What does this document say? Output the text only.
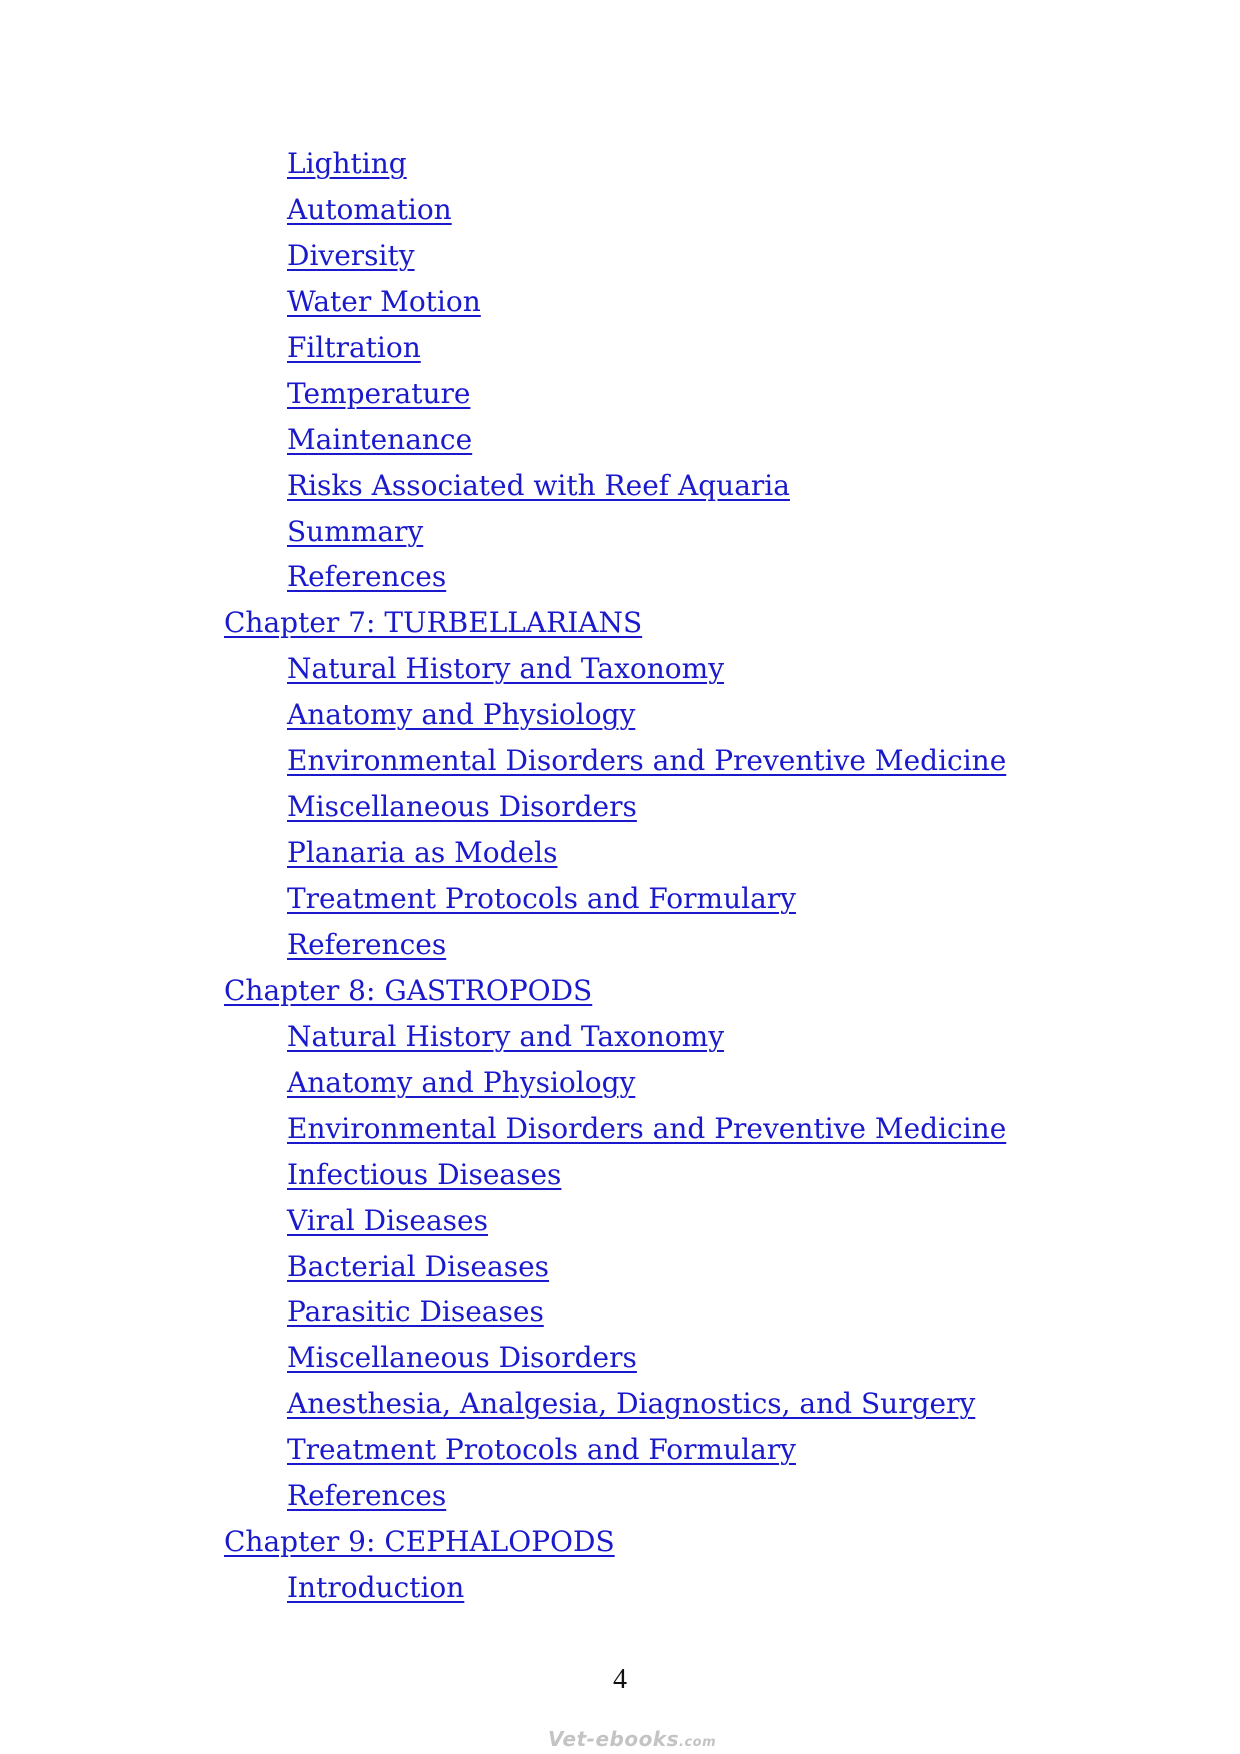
Lighting
Automation
Diversity
Water Motion
Filtration
Temperature
Maintenance
Risks Associated with Reef Aquaria
Summary
References
Chapter 7: TURBELLARIANS
Natural History and Taxonomy
Anatomy and Physiology
Environmental Disorders and Preventive Medicine
Miscellaneous Disorders
Planaria as Models
Treatment Protocols and Formulary
References
Chapter 8: GASTROPODS
Natural History and Taxonomy
Anatomy and Physiology
Environmental Disorders and Preventive Medicine
Infectious Diseases
Viral Diseases
Bacterial Diseases
Parasitic Diseases
Miscellaneous Disorders
Anesthesia, Analgesia, Diagnostics, and Surgery
Treatment Protocols and Formulary
References
Chapter 9: CEPHALOPODS
Introduction
4
Vet-ebooks.com
